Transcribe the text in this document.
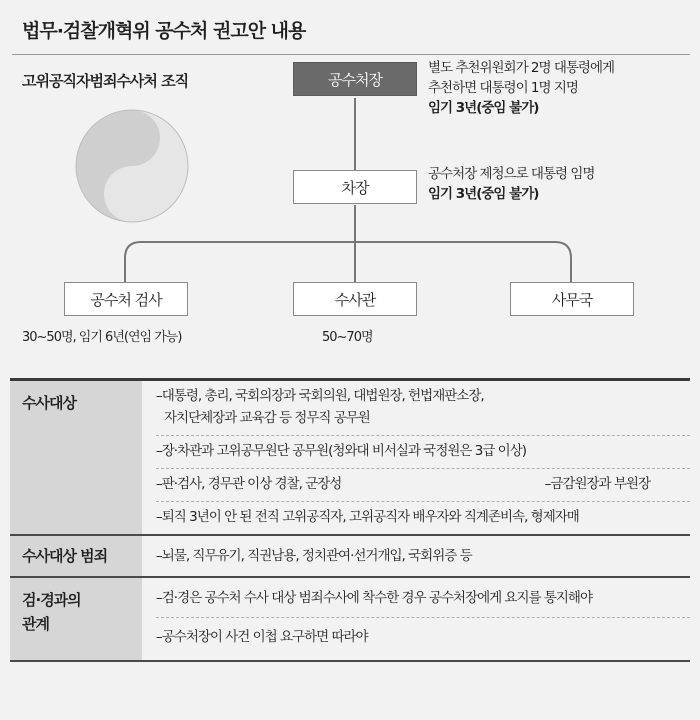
법무·검찰개혁위 공수처 권고안 내용
고위공직자범죄수사처 조직	공수처장
별도 추천위원회가 2명 대통령에게
추천하면 대통령이 1명 지명
임기 3년(중임 불가)
차장
공수처장 제청으로 대통령 임명
임기 3년(중임 불가)
공수처 검사	수사관	사무국
30~50명, 임기 6년(연임 가능)	50~70명
수사대상	–대통령, 총리, 국회의장과 국회의원, 대법원장, 헌법재판소장,
자치단체장과 교육감 등 정무직 공무원
–장·차관과 고위공무원단 공무원(청와대 비서실과 국정원은 3급 이상)
–판·검사, 경무관 이상 경찰, 군장성	–금감원장과 부원장
–퇴직 3년이 안 된 전직 고위공직자, 고위공직자 배우자와 직계존비속, 형제자매
수사대상 범죄	–뇌물, 직무유기, 직권남용, 정치관여·선거개입, 국회위증 등
검·경과의
관계
–검·경은 공수처 수사 대상 범죄수사에 착수한 경우 공수처장에게 요지를 통지해야
–공수처장이 사건 이첩 요구하면 따라야
